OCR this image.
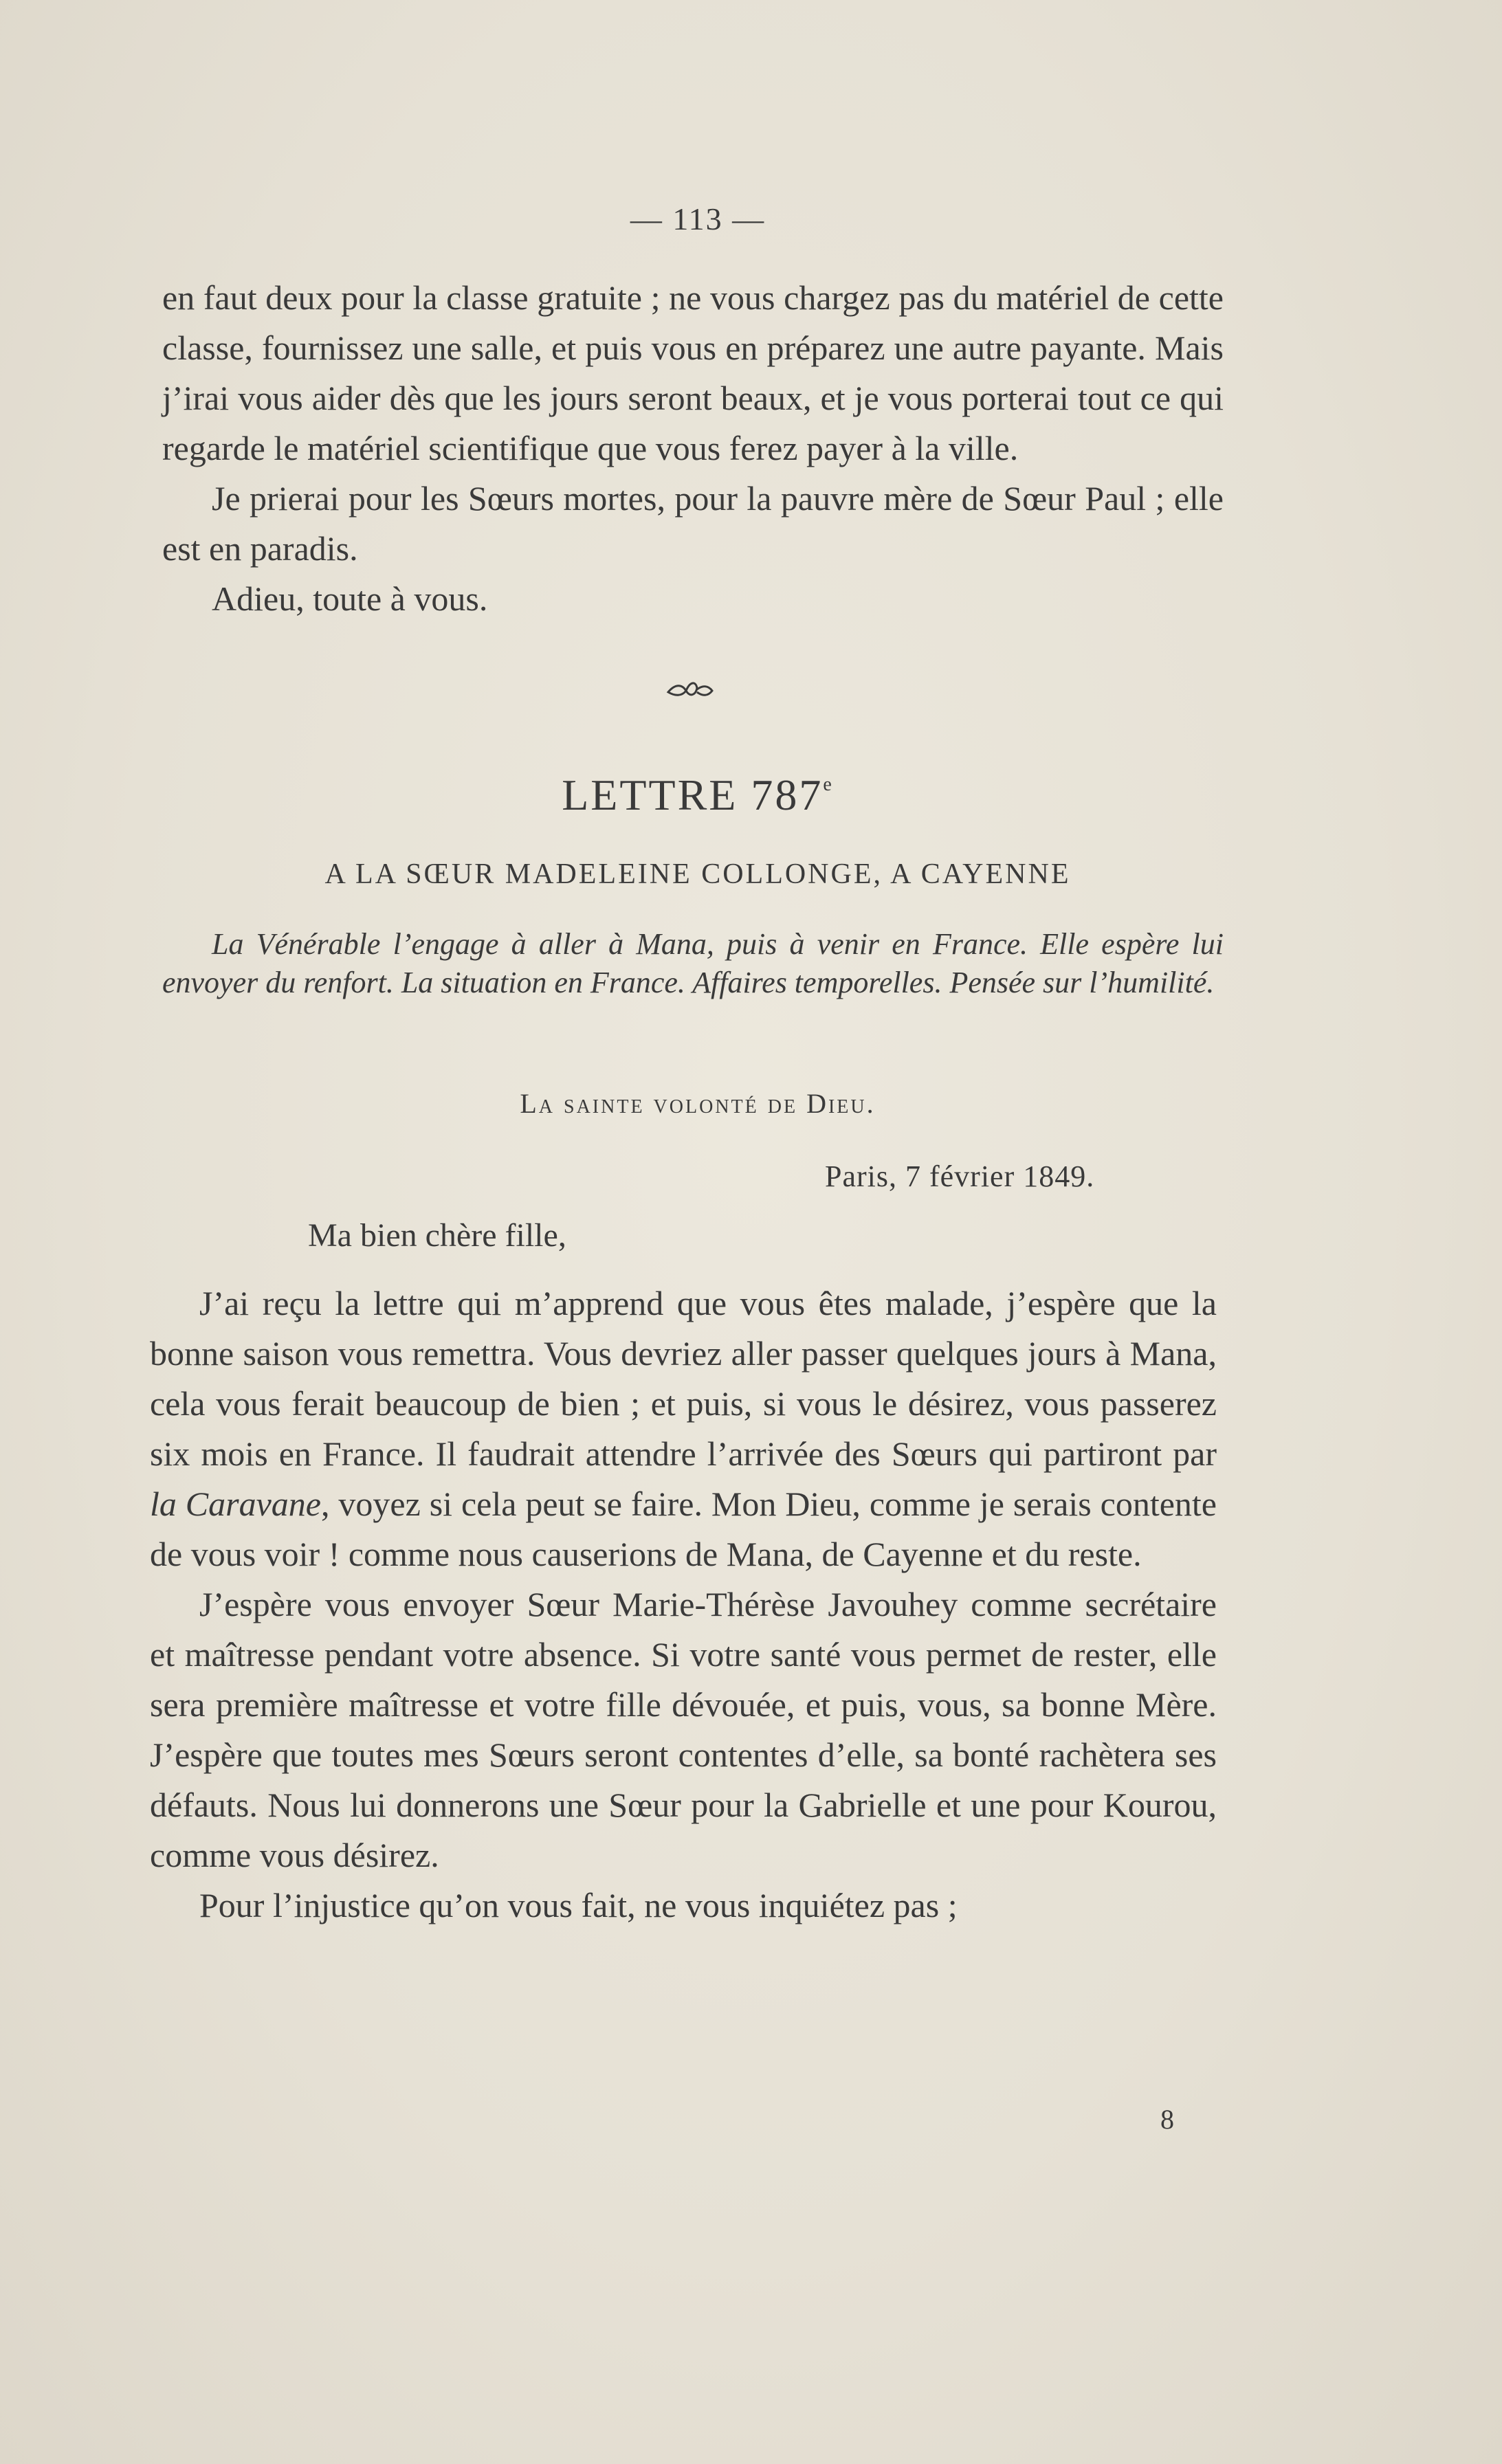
— 113 —

en faut deux pour la classe gratuite ; ne vous chargez pas du matériel de cette classe, fournissez une salle, et puis vous en préparez une autre payante. Mais j’irai vous aider dès que les jours seront beaux, et je vous porterai tout ce qui regarde le matériel scientifique que vous ferez payer à la ville.

Je prierai pour les Sœurs mortes, pour la pauvre mère de Sœur Paul ; elle est en paradis.

Adieu, toute à vous.

LETTRE 787e
A LA SŒUR MADELEINE COLLONGE, A CAYENNE

La Vénérable l’engage à aller à Mana, puis à venir en France. Elle espère lui envoyer du renfort. La situation en France. Affaires temporelles. Pensée sur l’humilité.

La sainte volonté de Dieu.
Paris, 7 février 1849.
Ma bien chère fille,

J’ai reçu la lettre qui m’apprend que vous êtes malade, j’espère que la bonne saison vous remettra. Vous devriez aller passer quelques jours à Mana, cela vous ferait beaucoup de bien ; et puis, si vous le désirez, vous passerez six mois en France. Il faudrait attendre l’arrivée des Sœurs qui partiront par la Caravane, voyez si cela peut se faire. Mon Dieu, comme je serais contente de vous voir ! comme nous causerions de Mana, de Cayenne et du reste.

J’espère vous envoyer Sœur Marie-Thérèse Javouhey comme secrétaire et maîtresse pendant votre absence. Si votre santé vous permet de rester, elle sera première maîtresse et votre fille dévouée, et puis, vous, sa bonne Mère. J’espère que toutes mes Sœurs seront contentes d’elle, sa bonté rachètera ses défauts. Nous lui donnerons une Sœur pour la Gabrielle et une pour Kourou, comme vous désirez.

Pour l’injustice qu’on vous fait, ne vous inquiétez pas ;

8
